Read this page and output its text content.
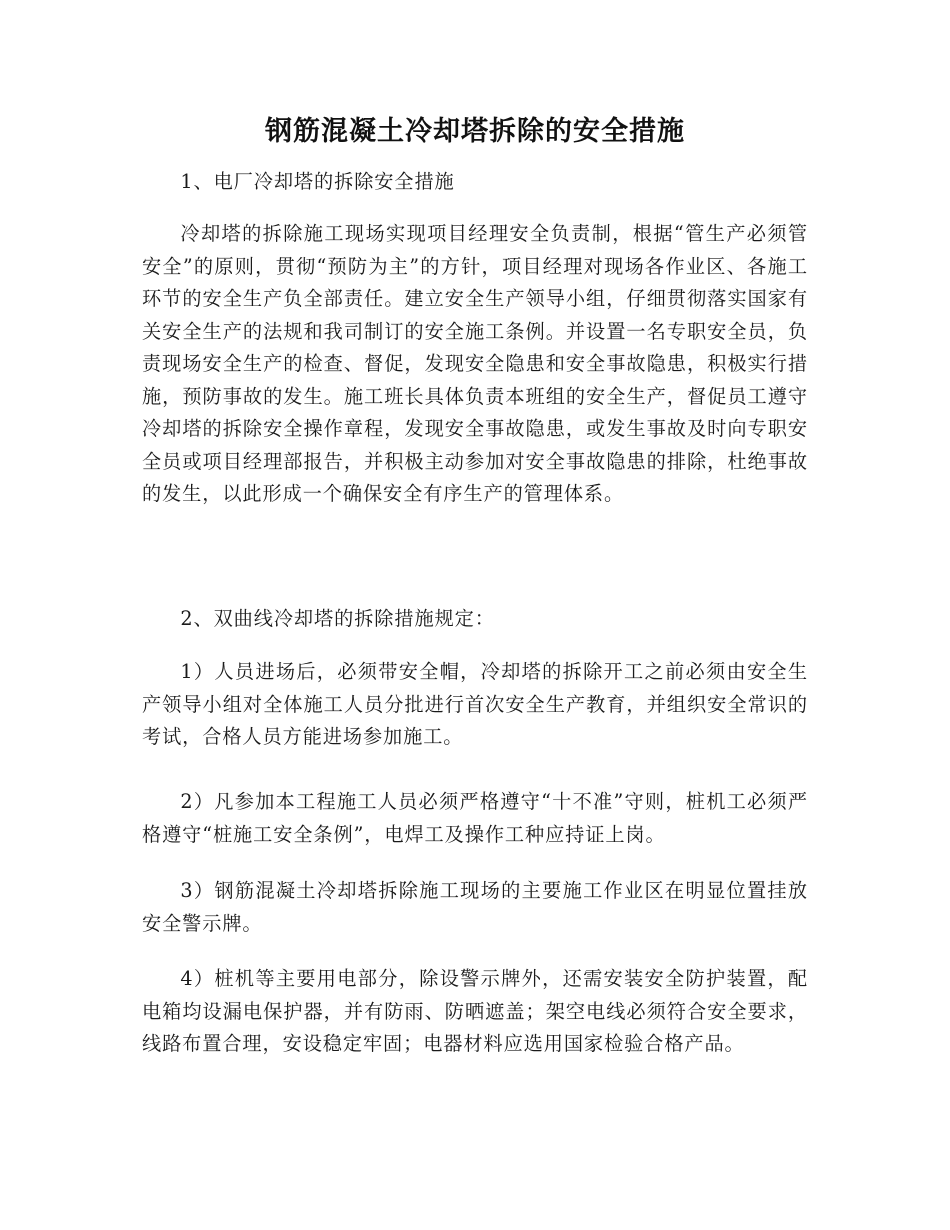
钢筋混凝土冷却塔拆除的安全措施

1、电厂冷却塔的拆除安全措施

冷却塔的拆除施工现场实现项目经理安全负责制，根据“管生产必须管安全”的原则，贯彻“预防为主”的方针，项目经理对现场各作业区、各施工环节的安全生产负全部责任。建立安全生产领导小组，仔细贯彻落实国家有关安全生产的法规和我司制订的安全施工条例。并设置一名专职安全员，负责现场安全生产的检查、督促，发现安全隐患和安全事故隐患，积极实行措施，预防事故的发生。施工班长具体负责本班组的安全生产，督促员工遵守冷却塔的拆除安全操作章程，发现安全事故隐患，或发生事故及时向专职安全员或项目经理部报告，并积极主动参加对安全事故隐患的排除，杜绝事故的发生，以此形成一个确保安全有序生产的管理体系。

2、双曲线冷却塔的拆除措施规定：

1）人员进场后，必须带安全帽，冷却塔的拆除开工之前必须由安全生产领导小组对全体施工人员分批进行首次安全生产教育，并组织安全常识的考试，合格人员方能进场参加施工。

2）凡参加本工程施工人员必须严格遵守“十不准”守则，桩机工必须严格遵守“桩施工安全条例”，电焊工及操作工种应持证上岗。

3）钢筋混凝土冷却塔拆除施工现场的主要施工作业区在明显位置挂放安全警示牌。

4）桩机等主要用电部分，除设警示牌外，还需安装安全防护装置，配电箱均设漏电保护器，并有防雨、防晒遮盖；架空电线必须符合安全要求，线路布置合理，安设稳定牢固；电器材料应选用国家检验合格产品。
